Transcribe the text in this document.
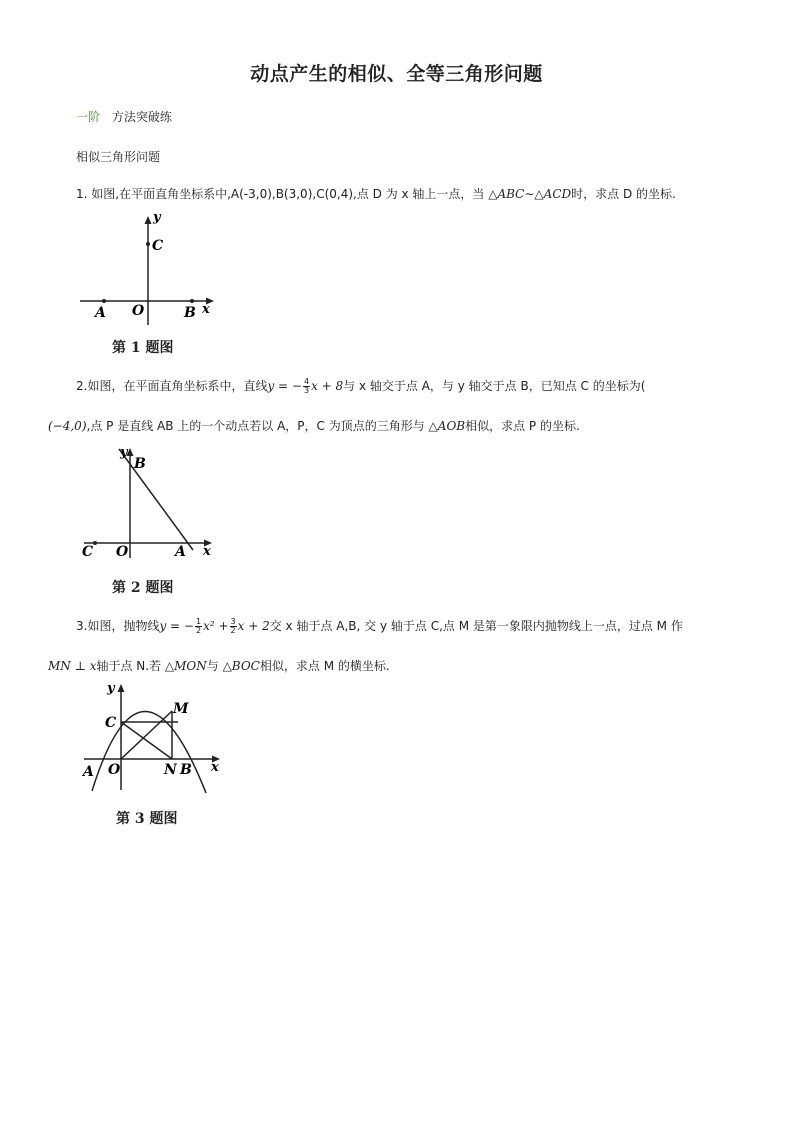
动点产生的相似、全等三角形问题
一阶 方法突破练
相似三角形问题
1. 如图,在平面直角坐标系中,A(-3,0),B(3,0),C(0,4),点 D 为 x 轴上一点，当 △ABC∼△ACD时，求点 D 的坐标.
y
x
C
A O	B
第 1 题图
2.如图，在平面直角坐标系中，直线y = − $\frac{4}{3}$ x + 8与 x 轴交于点 A，与 y 轴交于点 B，已知点 C 的坐标为(
(−4,0),点 P 是直线 AB 上的一个动点若以 A，P，C 为顶点的三角形与 △AOB相似，求点 P 的坐标.
y
x
B
C O	A
第 2 题图
3.如图，抛物线y = − $\frac{1}{2} x^2 + \frac{3}{2}$ x + 2交 x 轴于点 A,B, 交 y 轴于点 C,点 M 是第一象限内抛物线上一点，过点 M 作
MN ⊥ x轴于点 N.若 △MON与 △BOC相似，求点 M 的横坐标.
y
x
C
M
A O	N B
第 3 题图
